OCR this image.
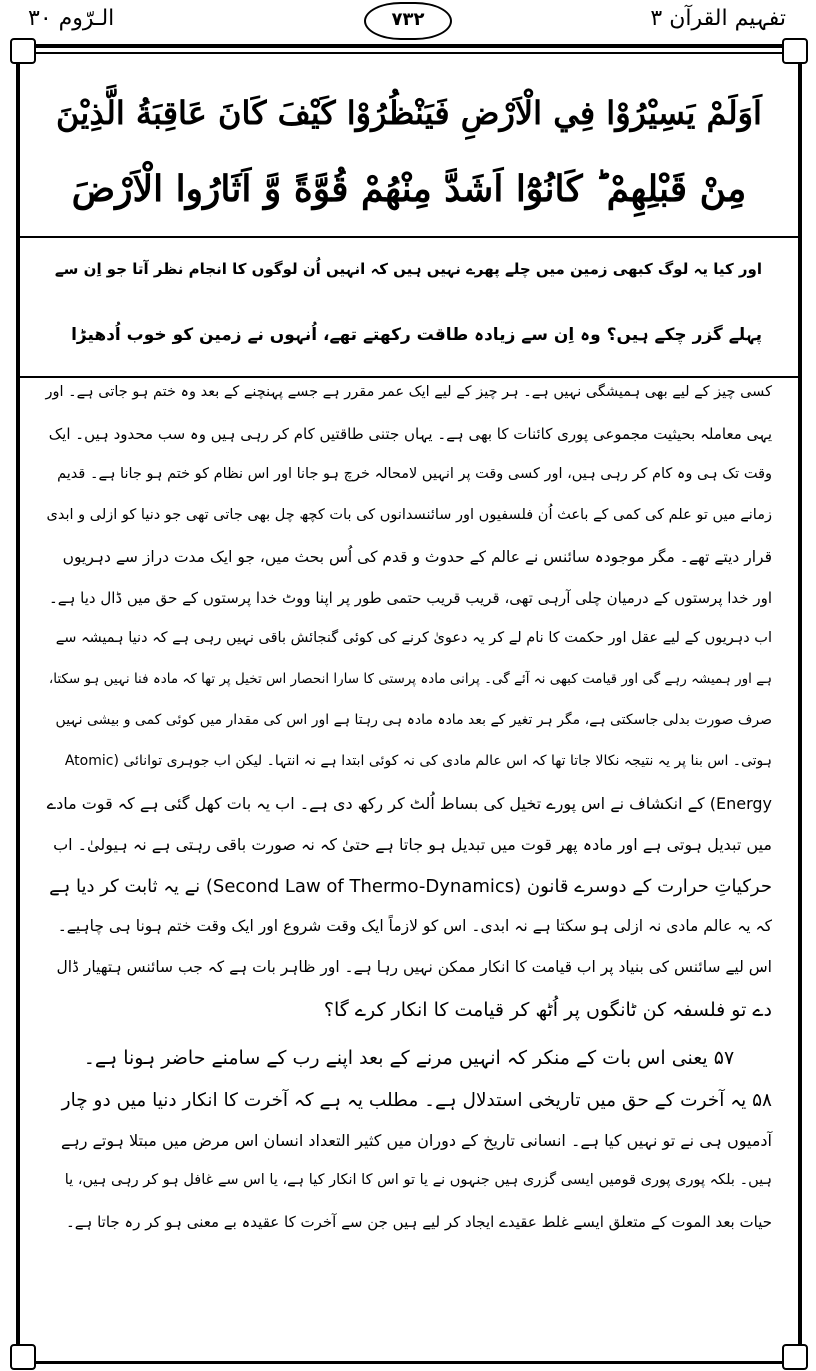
الـرّوم ۳۰	۷۳۲	تفہیم القرآن ۳
اَوَلَمْ يَسِيْرُوْا فِي الْاَرْضِ فَيَنْظُرُوْا كَيْفَ كَانَ عَاقِبَةُ الَّذِيْنَ
مِنْ قَبْلِهِمْ ؕ كَانُوْٓا اَشَدَّ مِنْهُمْ قُوَّةً وَّ اَثَارُوا الْاَرْضَ
اور کیا یہ لوگ کبھی زمین میں چلے پھرے نہیں ہیں کہ انہیں اُن لوگوں کا انجام نظر آتا جو اِن سے
پہلے گزر چکے ہیں؟ وہ اِن سے زیادہ طاقت رکھتے تھے، اُنہوں نے زمین کو خوب اُدھیڑا
کسی چیز کے لیے بھی ہمیشگی نہیں ہے۔ ہر چیز کے لیے ایک عمر مقرر ہے جسے پہنچنے کے بعد وہ ختم ہو جاتی ہے۔ اور
یہی معاملہ بحیثیت مجموعی پوری کائنات کا بھی ہے۔ یہاں جتنی طاقتیں کام کر رہی ہیں وہ سب محدود ہیں۔ ایک
وقت تک ہی وہ کام کر رہی ہیں، اور کسی وقت پر انہیں لامحالہ خرچ ہو جانا اور اس نظام کو ختم ہو جانا ہے۔ قدیم
زمانے میں تو علم کی کمی کے باعث اُن فلسفیوں اور سائنسدانوں کی بات کچھ چل بھی جاتی تھی جو دنیا کو ازلی و ابدی
قرار دیتے تھے۔ مگر موجودہ سائنس نے عالم کے حدوث و قدم کی اُس بحث میں، جو ایک مدت دراز سے دہریوں
اور خدا پرستوں کے درمیان چلی آرہی تھی، قریب قریب حتمی طور پر اپنا ووٹ خدا پرستوں کے حق میں ڈال دیا ہے۔
اب دہریوں کے لیے عقل اور حکمت کا نام لے کر یہ دعویٰ کرنے کی کوئی گنجائش باقی نہیں رہی ہے کہ دنیا ہمیشہ سے
ہے اور ہمیشہ رہے گی اور قیامت کبھی نہ آئے گی۔ پرانی مادہ پرستی کا سارا انحصار اس تخیل پر تھا کہ مادہ فنا نہیں ہو سکتا،
صرف صورت بدلی جاسکتی ہے، مگر ہر تغیر کے بعد مادہ مادہ ہی رہتا ہے اور اس کی مقدار میں کوئی کمی و بیشی نہیں
ہوتی۔ اس بنا پر یہ نتیجہ نکالا جاتا تھا کہ اس عالم مادی کی نہ کوئی ابتدا ہے نہ انتہا۔ لیکن اب جوہری توانائی (Atomic
Energy) کے انکشاف نے اس پورے تخیل کی بساط اُلٹ کر رکھ دی ہے۔ اب یہ بات کھل گئی ہے کہ قوت مادے
میں تبدیل ہوتی ہے اور مادہ پھر قوت میں تبدیل ہو جاتا ہے حتیٰ کہ نہ صورت باقی رہتی ہے نہ ہیولیٰ۔ اب
حرکیاتِ حرارت کے دوسرے قانون (Second Law of Thermo-Dynamics) نے یہ ثابت کر دیا ہے
کہ یہ عالم مادی نہ ازلی ہو سکتا ہے نہ ابدی۔ اس کو لازماً ایک وقت شروع اور ایک وقت ختم ہونا ہی چاہیے۔
اس لیے سائنس کی بنیاد پر اب قیامت کا انکار ممکن نہیں رہا ہے۔ اور ظاہر بات ہے کہ جب سائنس ہتھیار ڈال
دے تو فلسفہ کن ٹانگوں پر اُٹھ کر قیامت کا انکار کرے گا؟
۵۷ یعنی اس بات کے منکر کہ انہیں مرنے کے بعد اپنے رب کے سامنے حاضر ہونا ہے۔
۵۸ یہ آخرت کے حق میں تاریخی استدلال ہے۔ مطلب یہ ہے کہ آخرت کا انکار دنیا میں دو چار
آدمیوں ہی نے تو نہیں کیا ہے۔ انسانی تاریخ کے دوران میں کثیر التعداد انسان اس مرض میں مبتلا ہوتے رہے
ہیں۔ بلکہ پوری پوری قومیں ایسی گزری ہیں جنہوں نے یا تو اس کا انکار کیا ہے، یا اس سے غافل ہو کر رہی ہیں، یا
حیات بعد الموت کے متعلق ایسے غلط عقیدے ایجاد کر لیے ہیں جن سے آخرت کا عقیدہ بے معنی ہو کر رہ جاتا ہے۔
